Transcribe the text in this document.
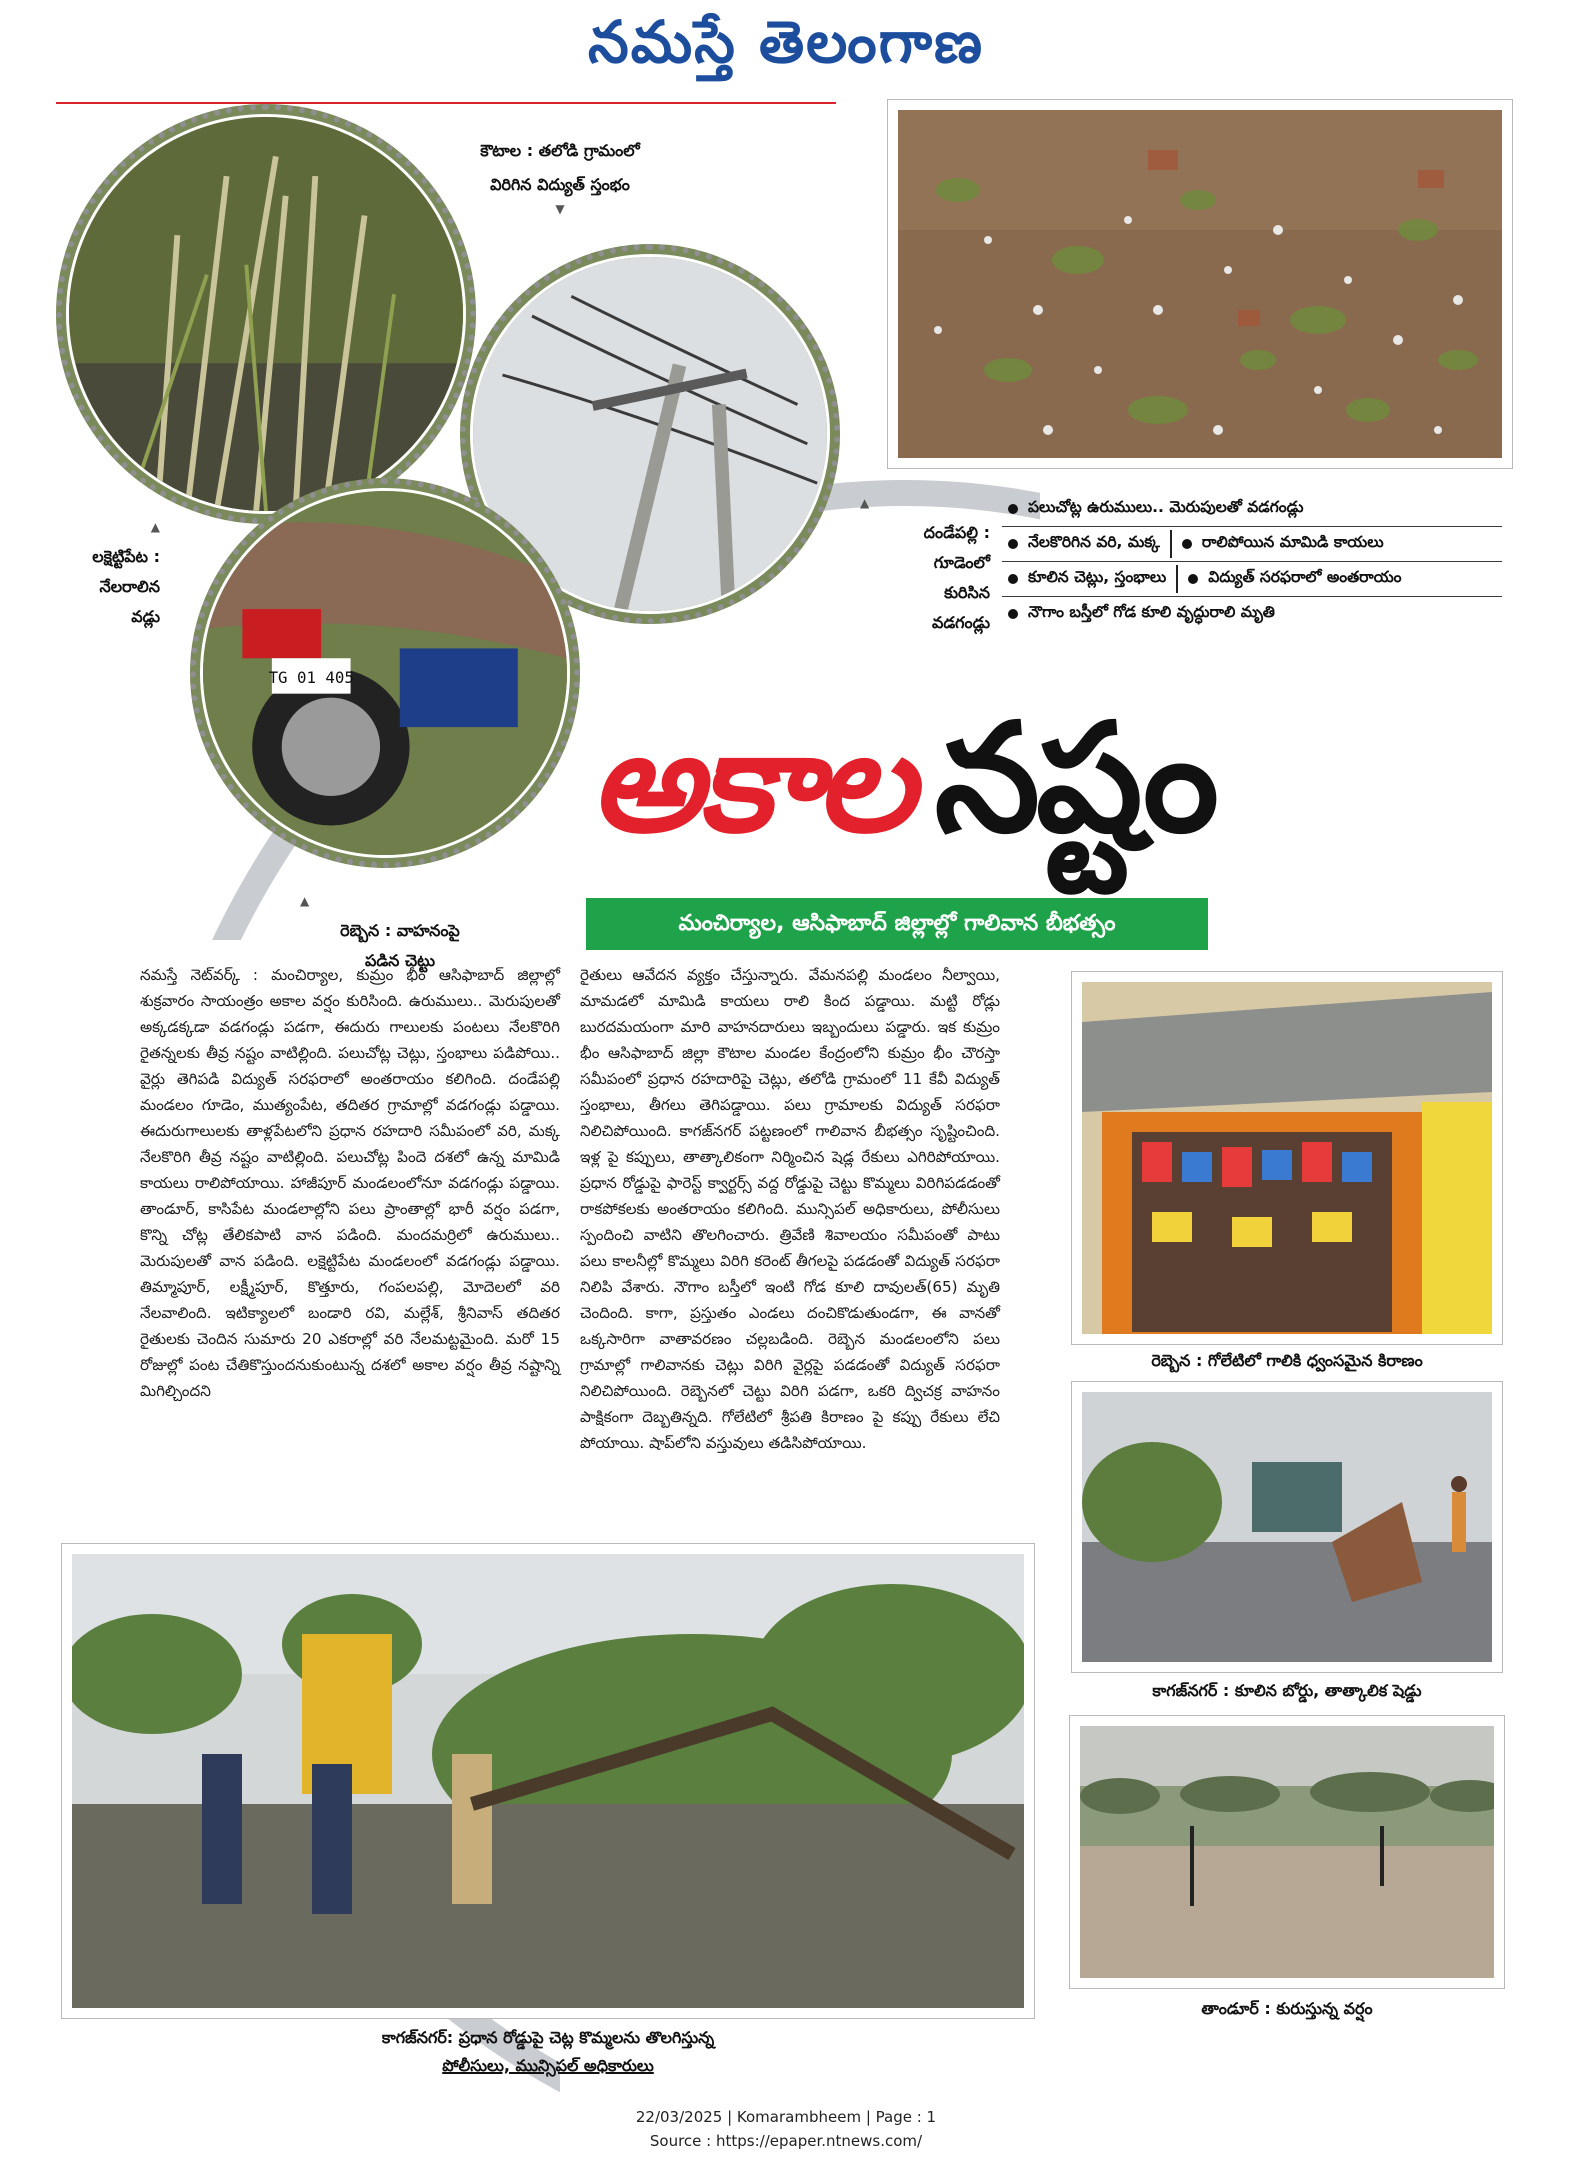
నమస్తే తెలంగాణ
TG 01 405
▲
లక్షెట్టిపేట :
నేలరాలిన
వడ్లు
కౌటాల : తలోడి గ్రామంలో
విరిగిన విద్యుత్ స్తంభం
▼
▲
రెబ్బెన : వాహనంపై
పడిన చెట్టు
▲
దండేపల్లి :
గూడెంలో
కురిసిన
వడగండ్లు
పలుచోట్ల ఉరుములు.. మెరుపులతో వడగండ్లు
నేలకొరిగిన వరి, మక్క	రాలిపోయిన మామిడి కాయలు
కూలిన చెట్లు, స్తంభాలు	విద్యుత్ సరఫరాలో అంతరాయం
నౌగాం బస్తీలో గోడ కూలి వృద్ధురాలి మృతి
అకాల నష్టం
మంచిర్యాల, ఆసిఫాబాద్ జిల్లాల్లో గాలివాన బీభత్సం
నమస్తే నెట్‌వర్క్ : మంచిర్యాల, కుమ్రం భీం ఆసిఫాబాద్ జిల్లాల్లో శుక్రవారం సాయంత్రం అకాల వర్షం కురిసింది. ఉరుములు.. మెరుపులతో అక్కడక్కడా వడగండ్లు పడగా, ఈదురు గాలులకు పంటలు నేలకొరిగి రైతన్నలకు తీవ్ర నష్టం వాటిల్లింది. పలుచోట్ల చెట్లు, స్తంభాలు పడిపోయి.. వైర్లు తెగిపడి విద్యుత్ సరఫరాలో అంతరాయం కలిగింది. దండేపల్లి మండలం గూడెం, ముత్యంపేట, తదితర గ్రామాల్లో వడగండ్లు పడ్డాయి. ఈదురుగాలులకు తాళ్లపేటలోని ప్రధాన రహదారి సమీపంలో వరి, మక్క నేలకొరిగి తీవ్ర నష్టం వాటిల్లింది. పలుచోట్ల పిందె దశలో ఉన్న మామిడి కాయలు రాలిపోయాయి. హాజీపూర్ మండలంలోనూ వడగండ్లు పడ్డాయి. తాండూర్, కాసిపేట మండలాల్లోని పలు ప్రాంతాల్లో భారీ వర్షం పడగా, కొన్ని చోట్ల తేలికపాటి వాన పడింది. మందమర్రిలో ఉరుములు.. మెరుపులతో వాన పడింది. లక్షెట్టిపేట మండలంలో వడగండ్లు పడ్డాయి. తిమ్మాపూర్, లక్ష్మీపూర్, కొత్తూరు, గంపలపల్లి, మోదెలలో వరి నేలవాలింది. ఇటిక్యాలలో బండారి రవి, మల్లేశ్, శ్రీనివాస్ తదితర రైతులకు చెందిన సుమారు 20 ఎకరాల్లో వరి నేలమట్టమైంది. మరో 15 రోజుల్లో పంట చేతికొస్తుందనుకుంటున్న దశలో అకాల వర్షం తీవ్ర నష్టాన్ని మిగిల్చిందని
రైతులు ఆవేదన వ్యక్తం చేస్తున్నారు. వేమనపల్లి మండలం నీల్వాయి, మామడలో మామిడి కాయలు రాలి కింద పడ్డాయి. మట్టి రోడ్లు బురదమయంగా మారి వాహనదారులు ఇబ్బందులు పడ్డారు. ఇక కుమ్రం భీం ఆసిఫాబాద్ జిల్లా కౌటాల మండల కేంద్రంలోని కుమ్రం భీం చౌరస్తా సమీపంలో ప్రధాన రహదారిపై చెట్లు, తలోడి గ్రామంలో 11 కేవీ విద్యుత్ స్తంభాలు, తీగలు తెగిపడ్డాయి. పలు గ్రామాలకు విద్యుత్ సరఫరా నిలిచిపోయింది. కాగజ్‌నగర్ పట్టణంలో గాలివాన బీభత్సం సృష్టించింది. ఇళ్ల పై కప్పులు, తాత్కాలికంగా నిర్మించిన షెడ్ల రేకులు ఎగిరిపోయాయి. ప్రధాన రోడ్డుపై ఫారెస్ట్ క్వార్టర్స్ వద్ద రోడ్డుపై చెట్టు కొమ్మలు విరిగిపడడంతో రాకపోకలకు అంతరాయం కలిగింది. మున్సిపల్ అధికారులు, పోలీసులు స్పందించి వాటిని తొలగించారు. త్రివేణి శివాలయం సమీపంతో పాటు పలు కాలనీల్లో కొమ్మలు విరిగి కరెంట్ తీగలపై పడడంతో విద్యుత్ సరఫరా నిలిపి వేశారు. నౌగాం బస్తీలో ఇంటి గోడ కూలి దావులత్(65) మృతి చెందింది. కాగా, ప్రస్తుతం ఎండలు దంచికొడుతుండగా, ఈ వానతో ఒక్కసారిగా వాతావరణం చల్లబడింది. రెబ్బెన మండలంలోని పలు గ్రామాల్లో గాలివానకు చెట్లు విరిగి వైర్లపై పడడంతో విద్యుత్ సరఫరా నిలిచిపోయింది. రెబ్బెనలో చెట్టు విరిగి పడగా, ఒకరి ద్విచక్ర వాహనం పాక్షికంగా దెబ్బతిన్నది. గోలేటిలో శ్రీపతి కిరాణం పై కప్పు రేకులు లేచి పోయాయి. షాప్‌లోని వస్తువులు తడిసిపోయాయి.
రెబ్బెన : గోలేటిలో గాలికి ధ్వంసమైన కిరాణం
కాగజ్‌నగర్ : కూలిన బోర్డు, తాత్కాలిక షెడ్డు
తాండూర్ : కురుస్తున్న వర్షం
కాగజ్‌నగర్: ప్రధాన రోడ్డుపై చెట్ల కొమ్మలను తొలగిస్తున్న
పోలీసులు, మున్సిపల్ అధికారులు
22/03/2025 | Komarambheem | Page : 1
Source : https://epaper.ntnews.com/
